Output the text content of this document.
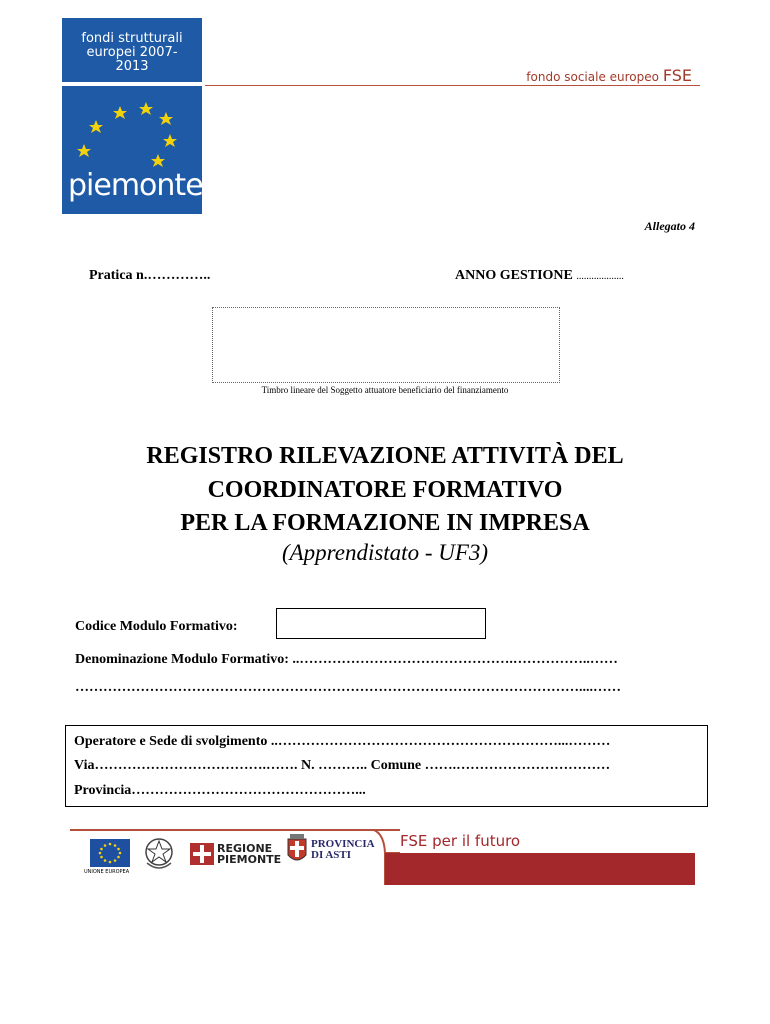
fondi strutturali
europei 2007-2013
piemonte
fondo sociale europeo FSE
Allegato 4
Pratica n.…………..	ANNO GESTIONE ...................
Timbro lineare del Soggetto attuatore beneficiario del finanziamento
REGISTRO RILEVAZIONE ATTIVITÀ DEL
COORDINATORE FORMATIVO
PER LA FORMAZIONE IN IMPRESA
(Apprendistato - UF3)
Codice Modulo Formativo:
Denominazione Modulo Formativo: ..……………………………………….……………..……
………………………………………………………………………………………………....……
Operatore e Sede di svolgimento ..……………………………………………………...………
Via……………………………….……. N. ……….. Comune …….……………………………
Provincia…………………………………………...
FSE per il futuro
UNIONE EUROPEA
REGIONE
PIEMONTE
PROVINCIA
DI ASTI
